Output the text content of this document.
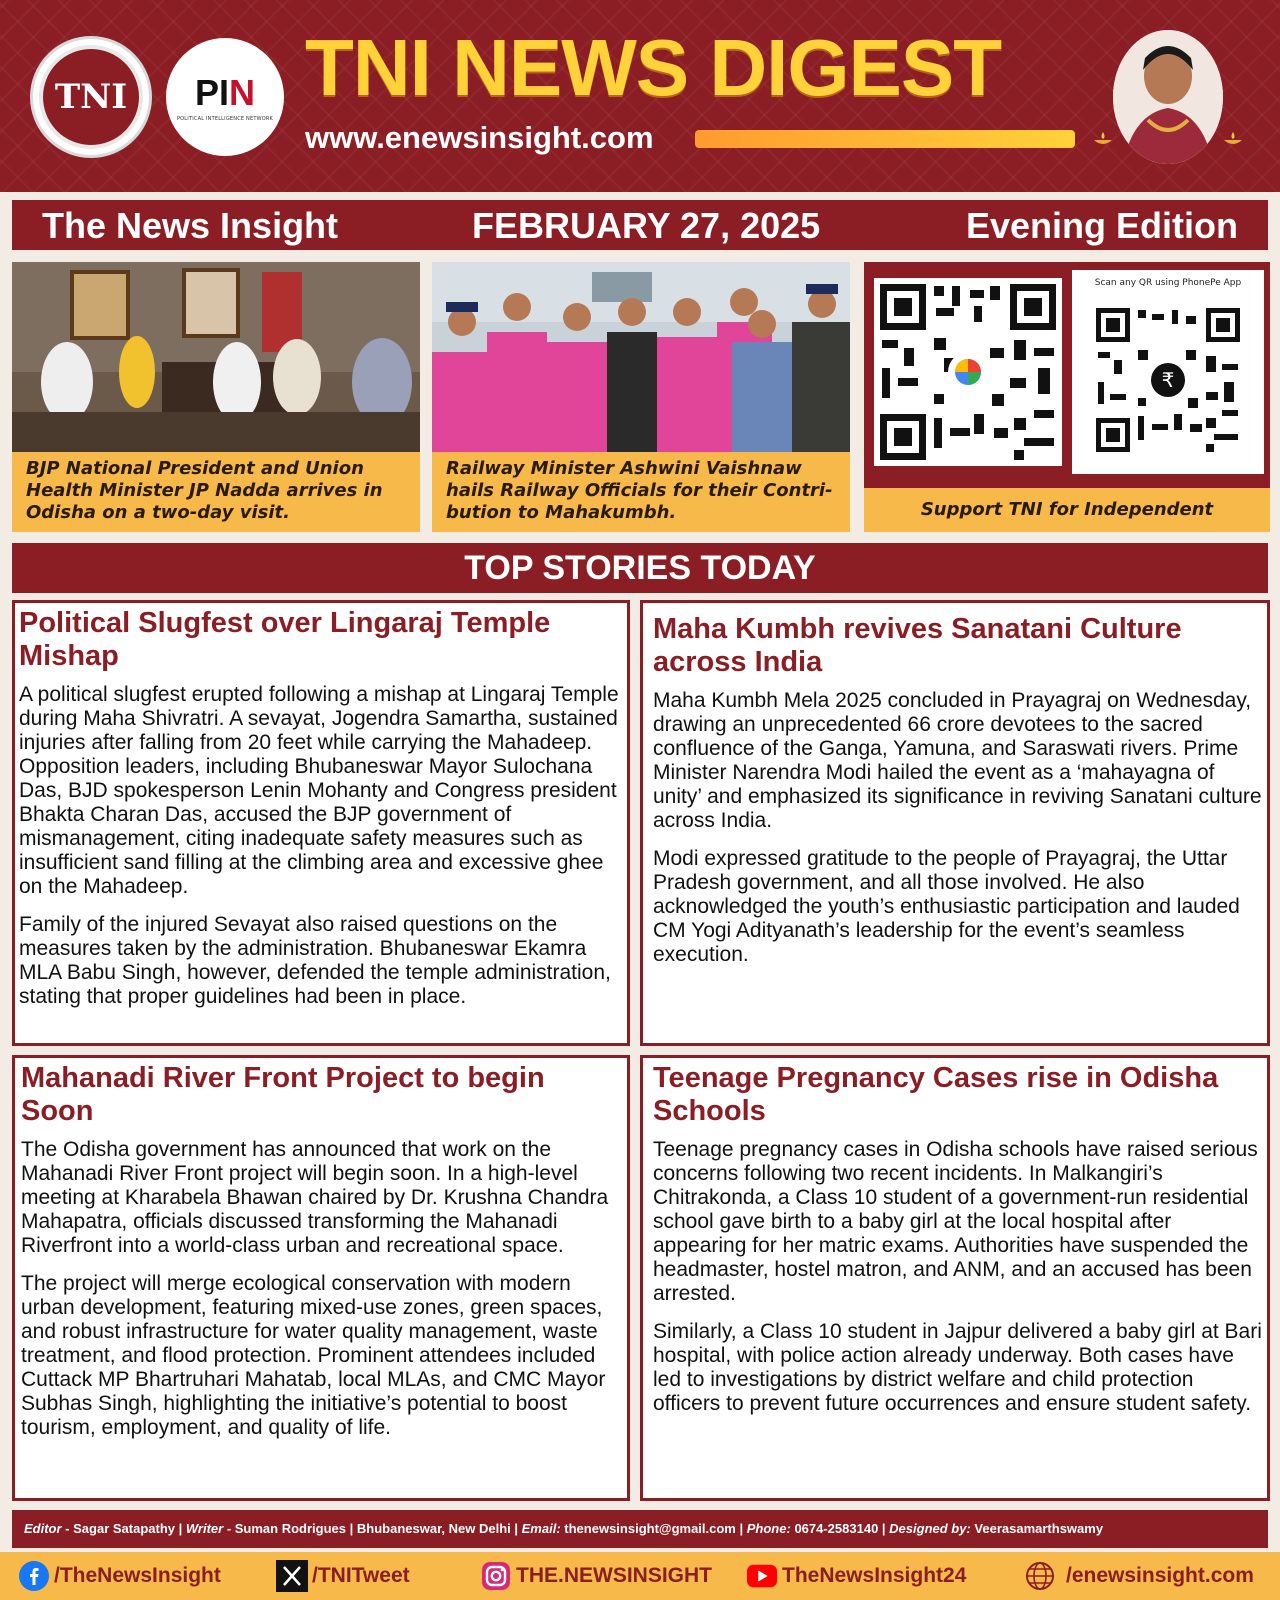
TNI PIN
POLITICAL INTELLIGENCE NETWORK
TNI NEWS DIGEST
www.enewsinsight.com
The News Insight	FEBRUARY 27, 2025	Evening Edition
BJP National President and Union Health Minister JP Nadda arrives in Odisha on a two-day visit.
Railway Minister Ashwini Vaishnaw hails Railway Officials for their Contri-bution to Mahakumbh.
Scan any QR using PhonePe App
₹
Support TNI for Independent
TOP STORIES TODAY
Political Slugfest over Lingaraj Temple Mishap

A political slugfest erupted following a mishap at Lingaraj Temple during Maha Shivratri. A sevayat, Jogendra Samartha, sustained injuries after falling from 20 feet while carrying the Mahadeep. Opposition leaders, including Bhubaneswar Mayor Sulochana Das, BJD spokesperson Lenin Mohanty and Congress president Bhakta Charan Das, accused the BJP government of mismanagement, citing inadequate safety measures such as insufficient sand filling at the climbing area and excessive ghee on the Mahadeep.

Family of the injured Sevayat also raised questions on the measures taken by the administration. Bhubaneswar Ekamra MLA Babu Singh, however, defended the temple administration, stating that proper guidelines had been in place.

Maha Kumbh revives Sanatani Culture across India

Maha Kumbh Mela 2025 concluded in Prayagraj on Wednesday, drawing an unprecedented 66 crore devotees to the sacred confluence of the Ganga, Yamuna, and Saraswati rivers. Prime Minister Narendra Modi hailed the event as a ‘mahayagna of unity’ and emphasized its significance in reviving Sanatani culture across India.

Modi expressed gratitude to the people of Prayagraj, the Uttar Pradesh government, and all those involved. He also acknowledged the youth’s enthusiastic participation and lauded CM Yogi Adityanath’s leadership for the event’s seamless execution.

Mahanadi River Front Project to begin Soon

The Odisha government has announced that work on the Mahanadi River Front project will begin soon. In a high-level meeting at Kharabela Bhawan chaired by Dr. Krushna Chandra Mahapatra, officials discussed transforming the Mahanadi Riverfront into a world-class urban and recreational space.

The project will merge ecological conservation with modern urban development, featuring mixed-use zones, green spaces, and robust infrastructure for water quality management, waste treatment, and flood protection. Prominent attendees included Cuttack MP Bhartruhari Mahatab, local MLAs, and CMC Mayor Subhas Singh, highlighting the initiative’s potential to boost tourism, employment, and quality of life.

Teenage Pregnancy Cases rise in Odisha Schools

Teenage pregnancy cases in Odisha schools have raised serious concerns following two recent incidents. In Malkangiri’s Chitrakonda, a Class 10 student of a government-run residential school gave birth to a baby girl at the local hospital after appearing for her matric exams. Authorities have suspended the headmaster, hostel matron, and ANM, and an accused has been arrested.

Similarly, a Class 10 student in Jajpur delivered a baby girl at Bari hospital, with police action already underway. Both cases have led to investigations by district welfare and child protection officers to prevent future occurrences and ensure student safety.

Editor - Sagar Satapathy | Writer - Suman Rodrigues | Bhubaneswar, New Delhi | Email: thenewsinsight@gmail.com | Phone: 0674-2583140 | Designed by: Veerasamarthswamy
/TheNewsInsight	/TNITweet	THE.NEWSINSIGHT	TheNewsInsight24	/enewsinsight.com
